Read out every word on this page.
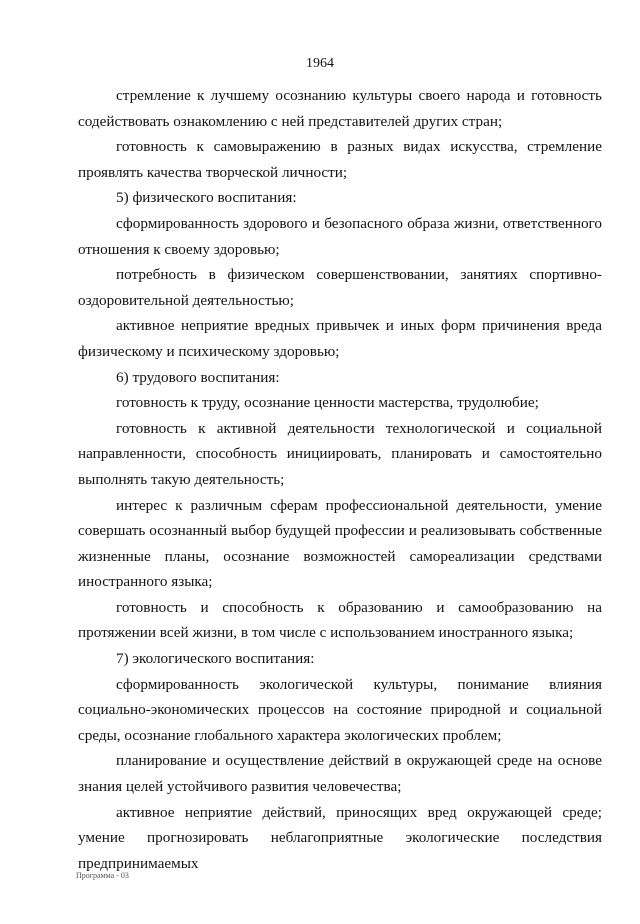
1964

стремление к лучшему осознанию культуры своего народа и готовность содействовать ознакомлению с ней представителей других стран;

готовность к самовыражению в разных видах искусства, стремление проявлять качества творческой личности;

5) физического воспитания:

сформированность здорового и безопасного образа жизни, ответственного отношения к своему здоровью;

потребность в физическом совершенствовании, занятиях спортивно-оздоровительной деятельностью;

активное неприятие вредных привычек и иных форм причинения вреда физическому и психическому здоровью;

6) трудового воспитания:

готовность к труду, осознание ценности мастерства, трудолюбие;

готовность к активной деятельности технологической и социальной направленности, способность инициировать, планировать и самостоятельно выполнять такую деятельность;

интерес к различным сферам профессиональной деятельности, умение совершать осознанный выбор будущей профессии и реализовывать собственные жизненные планы, осознание возможностей самореализации средствами иностранного языка;

готовность и способность к образованию и самообразованию на протяжении всей жизни, в том числе с использованием иностранного языка;

7) экологического воспитания:

сформированность экологической культуры, понимание влияния социально-экономических процессов на состояние природной и социальной среды, осознание глобального характера экологических проблем;

планирование и осуществление действий в окружающей среде на основе знания целей устойчивого развития человечества;

активное неприятие действий, приносящих вред окружающей среде; умение прогнозировать неблагоприятные экологические последствия предпринимаемых

Программа - 03
